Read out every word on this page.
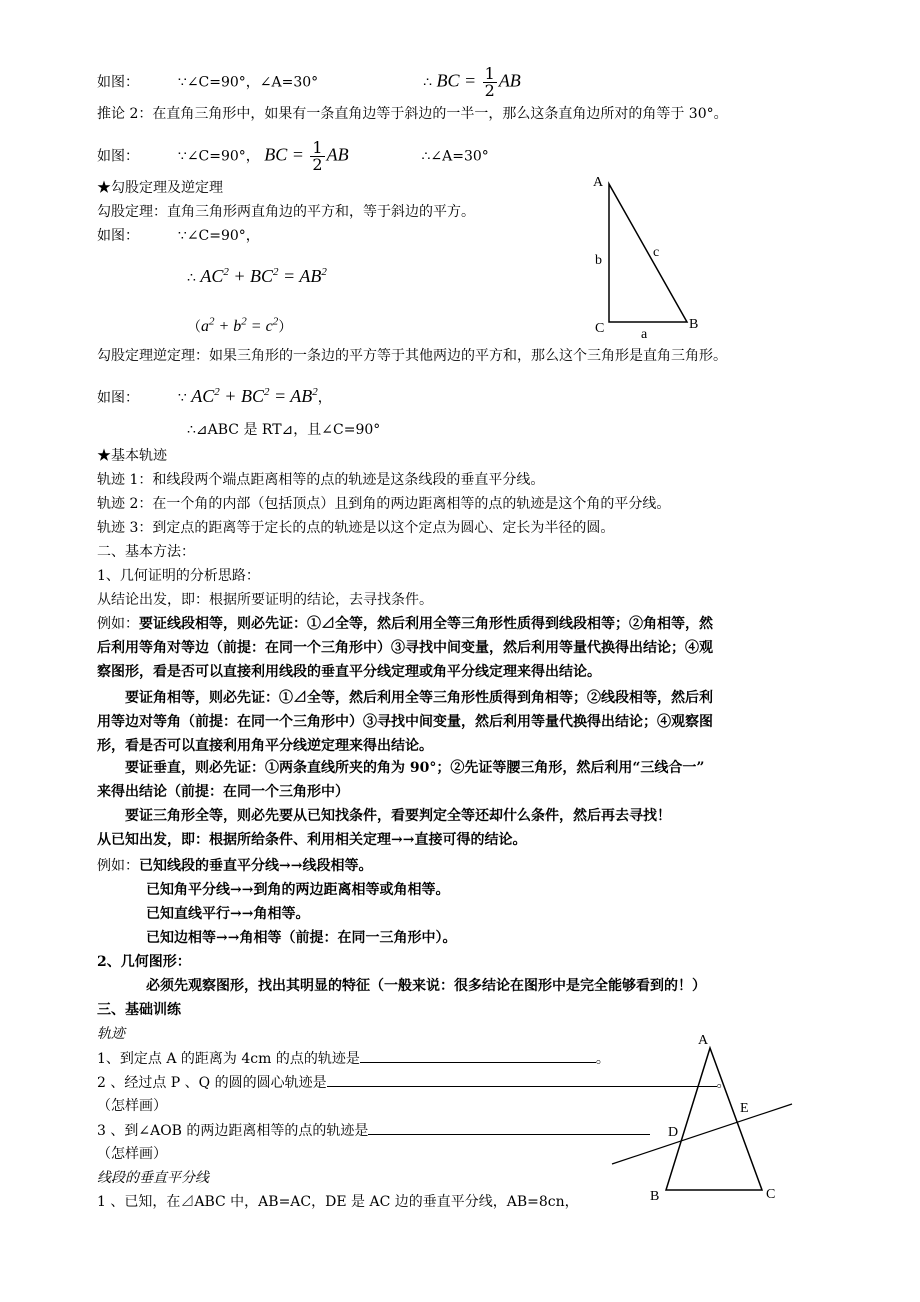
如图：	∵∠C=90°，∠A=30°	∴ BC = $\frac{1}{2}$ AB
推论 2：在直角三角形中，如果有一条直角边等于斜边的一半一，那么这条直角边所对的角等于 30°。
如图：	∵∠C=90°， BC = $\frac{1}{2}$ AB	∴∠A=30°
★勾股定理及逆定理
勾股定理：直角三角形两直角边的平方和，等于斜边的平方。
如图：	∵∠C=90°，
∴ $AC^2 + BC^2 = AB^2$
$(a^2 + b^2 = c^2)$
A
b
c
C	a
B
勾股定理逆定理：如果三角形的一条边的平方等于其他两边的平方和，那么这个三角形是直角三角形。
如图：	∵ $AC^2 + BC^2 = AB^2$，
∴⊿ABC 是 RT⊿，且∠C=90°
★基本轨迹
轨迹 1：和线段两个端点距离相等的点的轨迹是这条线段的垂直平分线。
轨迹 2：在一个角的内部（包括顶点）且到角的两边距离相等的点的轨迹是这个角的平分线。
轨迹 3：到定点的距离等于定长的点的轨迹是以这个定点为圆心、定长为半径的圆。
二、基本方法：
1、几何证明的分析思路：
从结论出发，即：根据所要证明的结论，去寻找条件。
例如：要证线段相等，则必先证：①⊿全等，然后利用全等三角形性质得到线段相等；②角相等，然
后利用等角对等边（前提：在同一个三角形中）③寻找中间变量，然后利用等量代换得出结论；④观
察图形，看是否可以直接利用线段的垂直平分线定理或角平分线定理来得出结论。
要证角相等，则必先证：①⊿全等，然后利用全等三角形性质得到角相等；②线段相等，然后利
用等边对等角（前提：在同一个三角形中）③寻找中间变量，然后利用等量代换得出结论；④观察图
形，看是否可以直接利用角平分线逆定理来得出结论。
要证垂直，则必先证：①两条直线所夹的角为 90°；②先证等腰三角形，然后利用“三线合一”
来得出结论（前提：在同一个三角形中）
要证三角形全等，则必先要从已知找条件，看要判定全等还却什么条件，然后再去寻找！
从已知出发，即：根据所给条件、利用相关定理→→直接可得的结论。
例如：已知线段的垂直平分线→→线段相等。
已知角平分线→→到角的两边距离相等或角相等。
已知直线平行→→角相等。
已知边相等→→角相等（前提：在同一三角形中）。
2、几何图形：
必须先观察图形，找出其明显的特征（一般来说：很多结论在图形中是完全能够看到的！）
三、基础训练
轨迹
1、到定点 A 的距离为 4cm 的点的轨迹是	。
2 、经过点 P 、Q 的圆的圆心轨迹是	。
（怎样画）
3 、到∠AOB 的两边距离相等的点的轨迹是
（怎样画）
线段的垂直平分线
1 、已知，在⊿ABC 中，AB=AC，DE 是 AC 边的垂直平分线，AB=8cn，
A
E
D
B	C
